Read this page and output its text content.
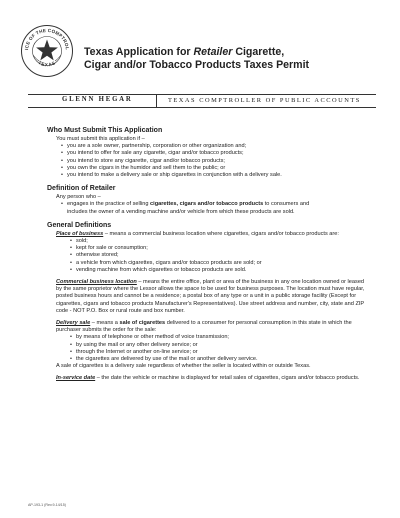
ICE OF THE COMPTROL
TEXAS
Texas Application for Retailer Cigarette,
Cigar and/or Tobacco Products Taxes Permit
GLENN HEGAR	TEXAS COMPTROLLER OF PUBLIC ACCOUNTS
Who Must Submit This Application

You must submit this application if –

• you are a sole owner, partnership, corporation or other organization and;
• you intend to offer for sale any cigarette, cigar and/or tobacco products;
• you intend to store any cigarette, cigar and/or tobacco products;
• you own the cigars in the humidor and sell them to the public; or
• you intend to make a delivery sale or ship cigarettes in conjunction with a delivery sale.
Definition of Retailer

Any person who –

• engages in the practice of selling cigarettes, cigars and/or tobacco products to consumers and
includes the owner of a vending machine and/or vehicle from which these products are sold.
General Definitions

Place of business – means a commercial business location where cigarettes, cigars and/or tobacco products are:

• sold;
• kept for sale or consumption;
• otherwise stored;
• a vehicle from which cigarettes, cigars and/or tobacco products are sold; or
• vending machine from which cigarettes or tobacco products are sold.

Commercial business location – means the entire office, plant or area of the business in any one location owned or leased by the same proprietor where the Lessor allows the space to be used for business purposes. The location must have regular, posted business hours and cannot be a residence; a postal box of any type or a unit in a public storage facility (Except for cigarettes, cigars and tobacco products Manufacturer's Representatives). Use street address and number, city, state and ZIP code - NOT P.O. Box or rural route and box number.

Delivery sale – means a sale of cigarettes delivered to a consumer for personal consumption in this state in which the purchaser submits the order for the sale:

• by means of telephone or other method of voice transmission;
• by using the mail or any other delivery service; or
• through the Internet or another on-line service; or
• the cigarettes are delivered by use of the mail or another delivery service.

A sale of cigarettes is a delivery sale regardless of whether the seller is located within or outside Texas.

In-service date – the date the vehicle or machine is displayed for retail sales of cigarettes, cigars and/or tobacco products.

AP-193-1 (Rev.9-14/15)
